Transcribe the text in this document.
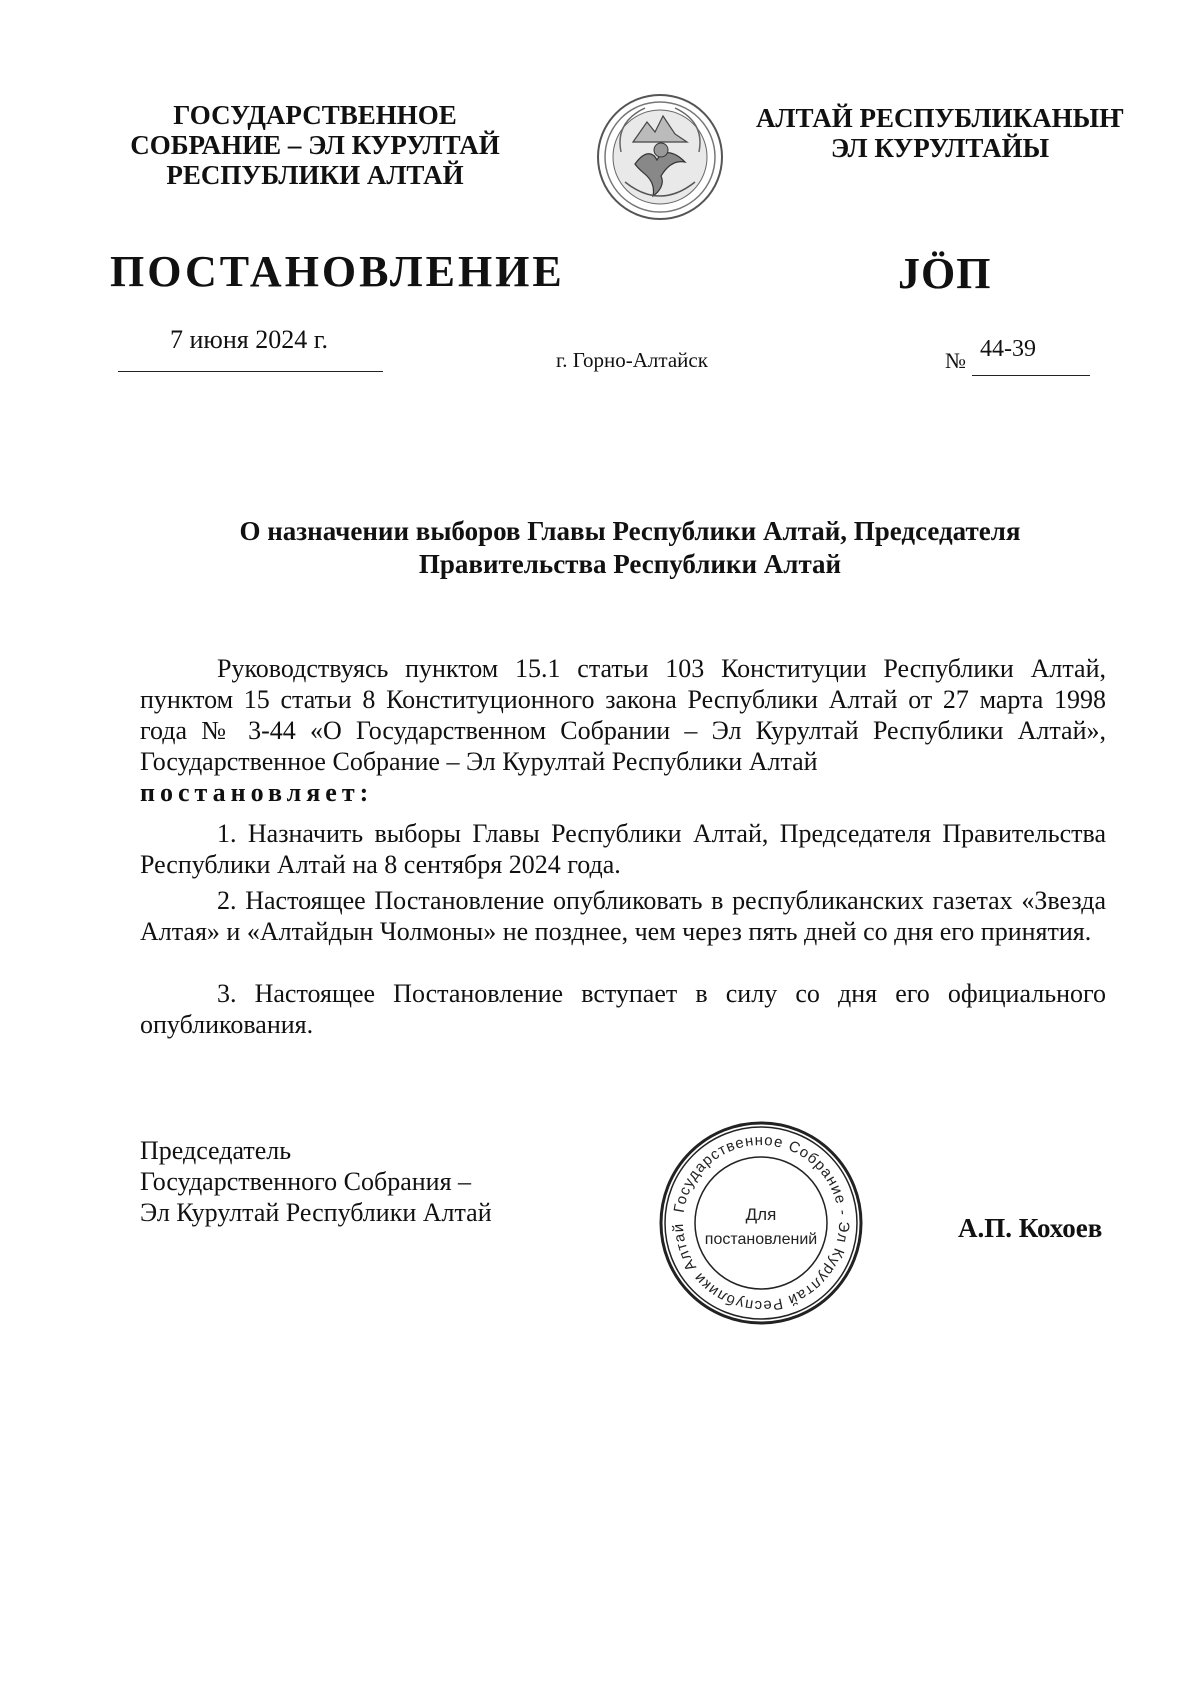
ГОСУДАРСТВЕННОЕ
СОБРАНИЕ – ЭЛ КУРУЛТАЙ
РЕСПУБЛИКИ АЛТАЙ
АЛТАЙ РЕСПУБЛИКАНЫҤ
ЭЛ КУРУЛТАЙЫ
ПОСТАНОВЛЕНИЕ	JӦП
7 июня 2024 г.
г. Горно-Алтайск	№ 44-39
О назначении выборов Главы Республики Алтай, Председателя
Правительства Республики Алтай
Руководствуясь пунктом 15.1 статьи 103 Конституции Республики Алтай, пунктом 15 статьи 8 Конституционного закона Республики Алтай от 27 марта 1998 года № 3-44 «О Государственном Собрании – Эл Курултай Республики Алтай», Государственное Собрание – Эл Курултай Республики Алтай
постановляет:
1. Назначить выборы Главы Республики Алтай, Председателя Правительства Республики Алтай на 8 сентября 2024 года.
2. Настоящее Постановление опубликовать в республиканских газетах «Звезда Алтая» и «Алтайдын Чолмоны» не позднее, чем через пять дней со дня его принятия.
3. Настоящее Постановление вступает в силу со дня его официального опубликования.
Председатель
Государственного Собрания –
Эл Курултай Республики Алтай	Государственное Собрание - Эл Курултай Республики Алтай
Для
постановлений	А.П. Кохоев
